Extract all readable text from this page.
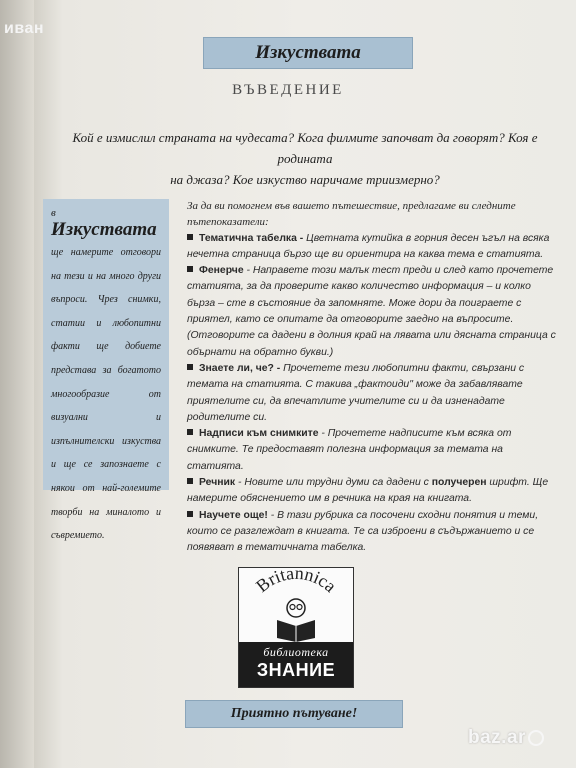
иван
Изкуствата
ВЪВЕДЕНИЕ
Кой е измислил страната на чудесата? Кога филмите започват да говорят? Коя е родината
на джаза? Кое изкуство наричаме триизмерно?
в Изкуствата
ще намерите отговори на тези и на много други въпроси. Чрез снимки, статии и любопитни факти ще добиете представа за богатото многообразие от визуални и изпълнителски изкуства и ще се запознаете с някои от най-големите творби на миналото и съвремието.

За да ви помогнем във вашето пътешествие, предлагаме ви следните пътепоказатели:

Тематична табелка - Цветната кутийка в горния десен ъгъл на всяка нечетна страница бързо ще ви ориентира на каква тема е статията.

Фенерче - Направете този малък тест преди и след като прочетете статията, за да проверите какво количество информация – и колко бърза – сте в състояние да запомняте. Може дори да поиграете с приятел, като се опитате да отговорите заедно на въпросите. (Отговорите са дадени в долния край на лявата или дясната страница с обърнати на обратно букви.)

Знаете ли, че? - Прочетете тези любопитни факти, свързани с темата на статията. С такива „фактоиди" може да забавлявате приятелите си, да впечатлите учителите си и да изненадате родителите си.

Надписи към снимките - Прочетете надписите към всяка от снимките. Те предоставят полезна информация за темата на статията.

Речник - Новите или трудни думи са дадени с получерен шрифт. Ще намерите обяснението им в речника на края на книгата.

Научете още! - В тази рубрика са посочени сходни понятия и теми, които се разглеждат в книгата. Те са изброени в съдържанието и се появяват в тематичната табелка.

Britannica
библиотека
ЗНАНИЕ
Приятно пътуване!
baz.ar
